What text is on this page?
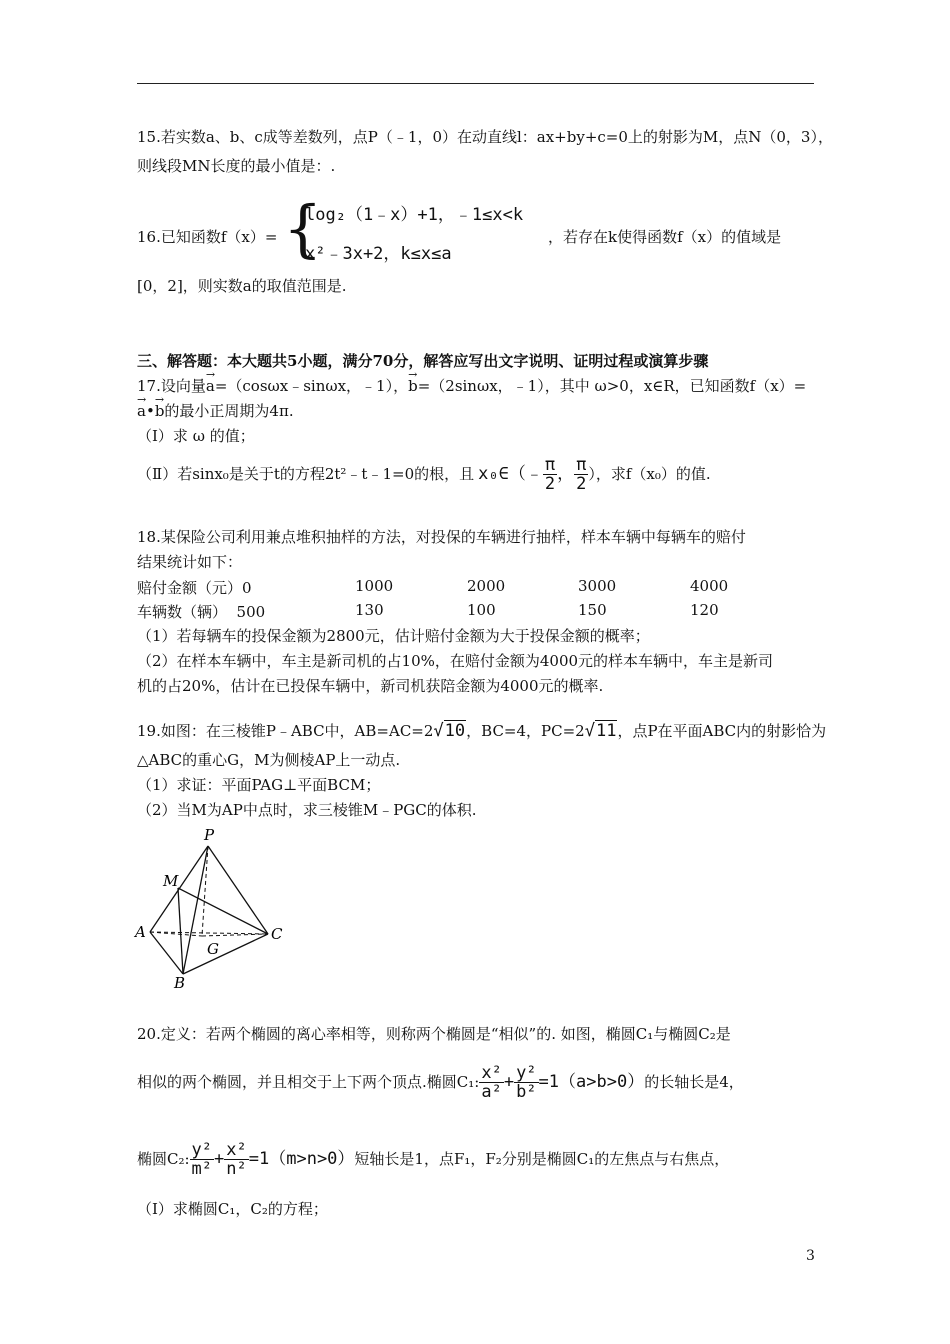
15.若实数a、b、c成等差数列，点P（﹣1，0）在动直线l：ax+by+c=0上的射影为M，点N（0，3），
则线段MN长度的最小值是：.
16.已知函数f（x）= {
log₂（1﹣x）+1，﹣1≤x<k
x²﹣3x+2，k≤x≤a
，若存在k使得函数f（x）的值域是
[0，2]，则实数a的取值范围是.
三、解答题：本大题共5小题，满分70分，解答应写出文字说明、证明过程或演算步骤
17.设向量→ a=（cosωx﹣sinωx，﹣1），→ b=（2sinωx，﹣1），其中 ω>0，x∈R，已知函数f（x）=
→ a•→ b的最小正周期为4π.
（Ⅰ）求 ω 的值；
（Ⅱ）若sinx₀是关于t的方程2t²﹣t﹣1=0的根，且 x₀∈（﹣ $\frac{\pi}{2}$ ， $\frac{\pi}{2}$ ），求f（x₀）的值.
18.某保险公司利用兼点堆积抽样的方法，对投保的车辆进行抽样，样本车辆中每辆车的赔付
结果统计如下：
赔付金额（元）0	1000	2000	3000	4000
车辆数（辆）  500	130	100	150	120
（1）若每辆车的投保金额为2800元，估计赔付金额为大于投保金额的概率；
（2）在样本车辆中，车主是新司机的占10%，在赔付金额为4000元的样本车辆中，车主是新司
机的占20%，估计在已投保车辆中，新司机获陪金额为4000元的概率.
19.如图：在三棱锥P﹣ABC中，AB=AC=2√10，BC=4，PC=2√11，点P在平面ABC内的射影恰为
△ABC的重心G，M为侧棱AP上一动点.
（1）求证：平面PAG⊥平面BCM；
（2）当M为AP中点时，求三棱锥M﹣PGC的体积.
P
M
A
G
C
B
20.定义：若两个椭圆的离心率相等，则称两个椭圆是“相似”的. 如图，椭圆C₁与椭圆C₂是
相似的两个椭圆，并且相交于上下两个顶点.椭圆C₁: $\frac{\text{x²}}{\text{a²}} + \frac{\text{y²}}{\text{b²}} =1(a>b>0)$ 的长轴长是4，
椭圆C₂: $\frac{\text{y²}}{\text{m²}} + \frac{\text{x²}}{\text{n²}} =1(m>n>0)$ 短轴长是1，点F₁，F₂分别是椭圆C₁的左焦点与右焦点，
（Ⅰ）求椭圆C₁，C₂的方程；
3
